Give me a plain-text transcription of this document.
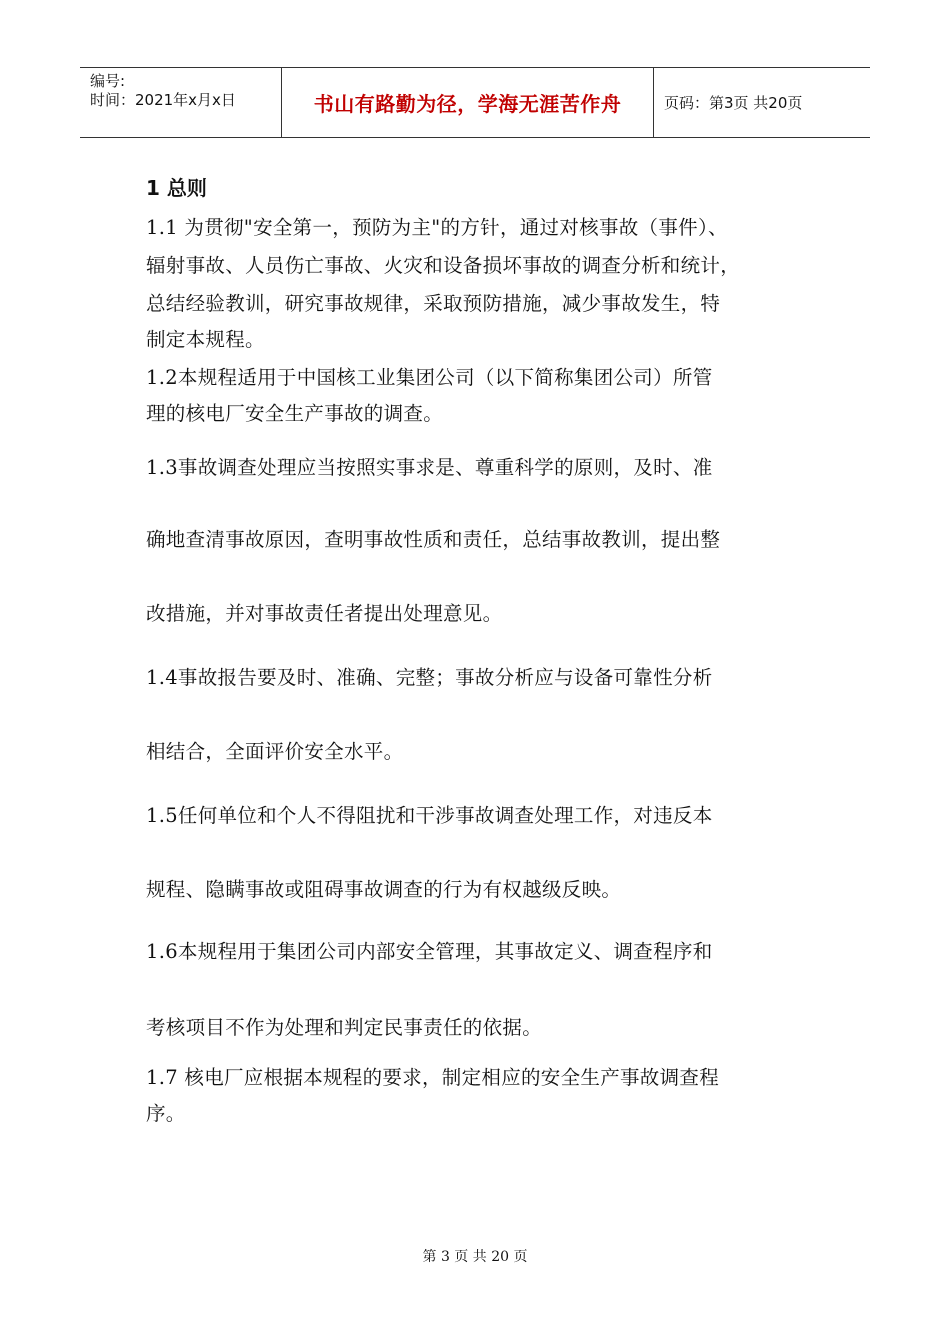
编号:
时间：2021年x月x日	书山有路勤为径，学海无涯苦作舟	页码：第3页 共20页
1 总则
1.1 为贯彻"安全第一，预防为主"的方针，通过对核事故（事件）、
辐射事故、人员伤亡事故、火灾和设备损坏事故的调查分析和统计，
总结经验教训，研究事故规律，采取预防措施，减少事故发生，特
制定本规程。
1.2本规程适用于中国核工业集团公司（以下简称集团公司）所管
理的核电厂安全生产事故的调查。
1.3事故调查处理应当按照实事求是、尊重科学的原则，及时、准
确地查清事故原因，查明事故性质和责任，总结事故教训，提出整
改措施，并对事故责任者提出处理意见。
1.4事故报告要及时、准确、完整；事故分析应与设备可靠性分析
相结合，全面评价安全水平。
1.5任何单位和个人不得阻扰和干涉事故调查处理工作，对违反本
规程、隐瞒事故或阻碍事故调查的行为有权越级反映。
1.6本规程用于集团公司内部安全管理，其事故定义、调查程序和
考核项目不作为处理和判定民事责任的依据。
1.7 核电厂应根据本规程的要求，制定相应的安全生产事故调查程
序。
第 3 页 共 20 页
